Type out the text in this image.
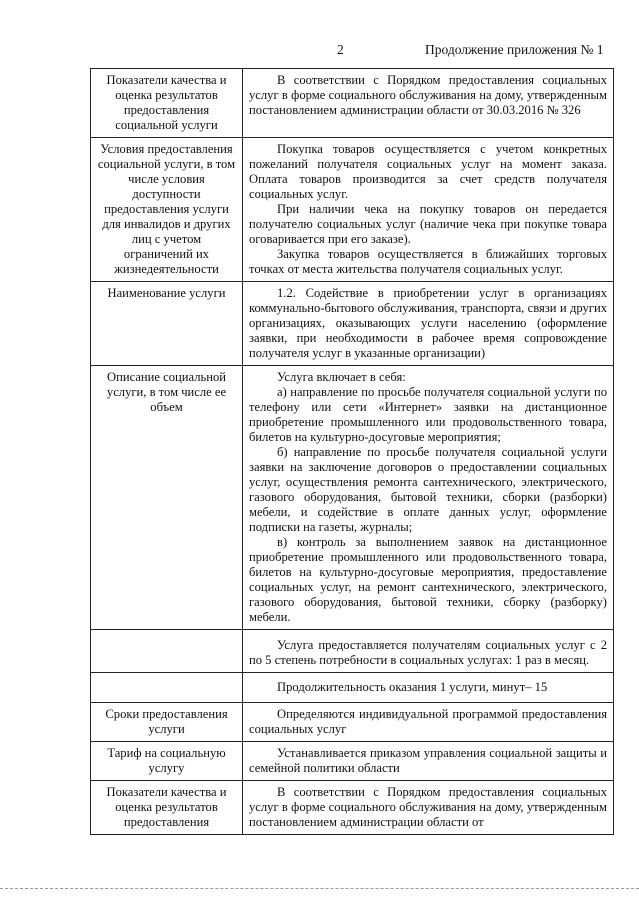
2	Продолжение приложения № 1
Показатели качества и оценка результатов предоставления социальной услуги	В соответствии с Порядком предоставления социальных услуг в форме социального обслуживания на дому, утвержденным постановлением администрации области от 30.03.2016 № 326

Условия предоставления социальной услуги, в том числе условия доступности предоставления услуги для инвалидов и других лиц с учетом ограничений их жизнедеятельности	Покупка товаров осуществляется с учетом конкретных пожеланий получателя социальных услуг на момент заказа. Оплата товаров производится за счет средств получателя социальных услуг.

При наличии чека на покупку товаров он передается получателю социальных услуг (наличие чека при покупке товара оговаривается при его заказе).

Закупка товаров осуществляется в ближайших торговых точках от места жительства получателя социальных услуг.

Наименование услуги	1.2. Содействие в приобретении услуг в организациях коммунально-бытового обслуживания, транспорта, связи и других организациях, оказывающих услуги населению (оформление заявки, при необходимости в рабочее время сопровождение получателя услуг в указанные организации)

Описание социальной услуги, в том числе ее объем	Услуга включает в себя:

а) направление по просьбе получателя социальной услуги по телефону или сети «Интернет» заявки на дистанционное приобретение промышленного или продовольственного товара, билетов на культурно-досуговые мероприятия;

б) направление по просьбе получателя социальной услуги заявки на заключение договоров о предоставлении социальных услуг, осуществления ремонта сантехнического, электрического, газового оборудования, бытовой техники, сборки (разборки) мебели, и содействие в оплате данных услуг, оформление подписки на газеты, журналы;

в) контроль за выполнением заявок на дистанционное приобретение промышленного или продовольственного товара, билетов на культурно-досуговые мероприятия, предоставление социальных услуг, на ремонт сантехнического, электрического, газового оборудования, бытовой техники, сборку (разборку) мебели.

	Услуга предоставляется получателям социальных услуг с 2 по 5 степень потребности в социальных услугах: 1 раз в месяц.

	Продолжительность оказания 1 услуги, минут– 15

Сроки предоставления услуги	Определяются индивидуальной программой предоставления социальных услуг

Тариф на социальную услугу	Устанавливается приказом управления социальной защиты и семейной политики области

Показатели качества и оценка результатов предоставления	В соответствии с Порядком предоставления социальных услуг в форме социального обслуживания на дому, утвержденным постановлением администрации области от
